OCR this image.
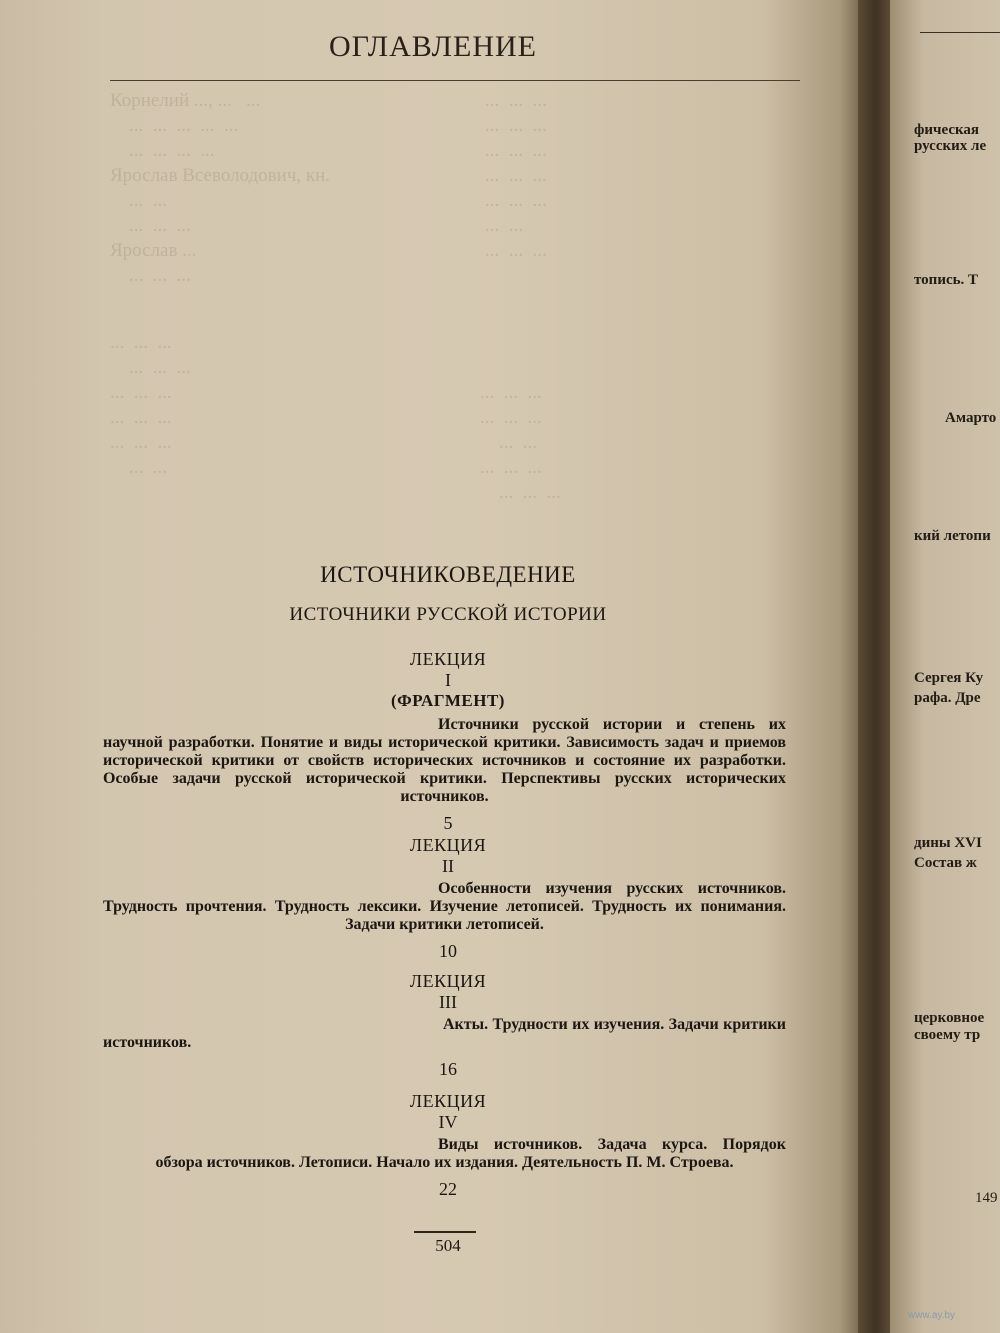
Корнелий ..., ...   ...
...  ...  ...  ...  ...
...  ...  ...  ...
Ярослав Всеволодович, кн.
...  ...
...  ...  ...
Ярослав ...
...  ...  ...
...  ...  ...
...  ...  ...
...  ...  ...
...  ...  ...
...  ...  ...
...  ...
...  ...  ...
...  ...  ...
...  ...  ...
...  ...  ...
...  ...  ...
...  ...  ...
...  ...
...  ...  ...
...  ...  ...
...  ...
...  ...  ...
...  ...  ...
ОГЛАВЛЕНИЕ
ИСТОЧНИКОВЕДЕНИЕ
ИСТОЧНИКИ РУССКОЙ ИСТОРИИ
ЛЕКЦИЯ
I
(ФРАГМЕНТ)
Источники русской истории и степень их научной разработки. Понятие и виды исторической критики. Зависимость задач и приемов исторической критики от свойств исторических источников и состояние их разработки. Особые задачи русской исторической критики. Перспективы русских исторических источников.
5
ЛЕКЦИЯ
II
Особенности изучения русских источников. Трудность прочтения. Трудность лексики. Изучение летописей. Трудность их понимания. Задачи критики летописей.
10
ЛЕКЦИЯ
III
Акты. Трудности их изучения. Задачи критики источников.
16
ЛЕКЦИЯ
IV
Виды источников. Задача курса. Порядок обзора источников. Летописи. Начало их издания. Деятельность П. М. Строева.
22
504
фическая
русских ле
топись. Т
Амарто
кий летопи
Сергея Ку
рафа. Дре
дины XVI
Состав ж
церковное
своему тр
149
www.ay.by
